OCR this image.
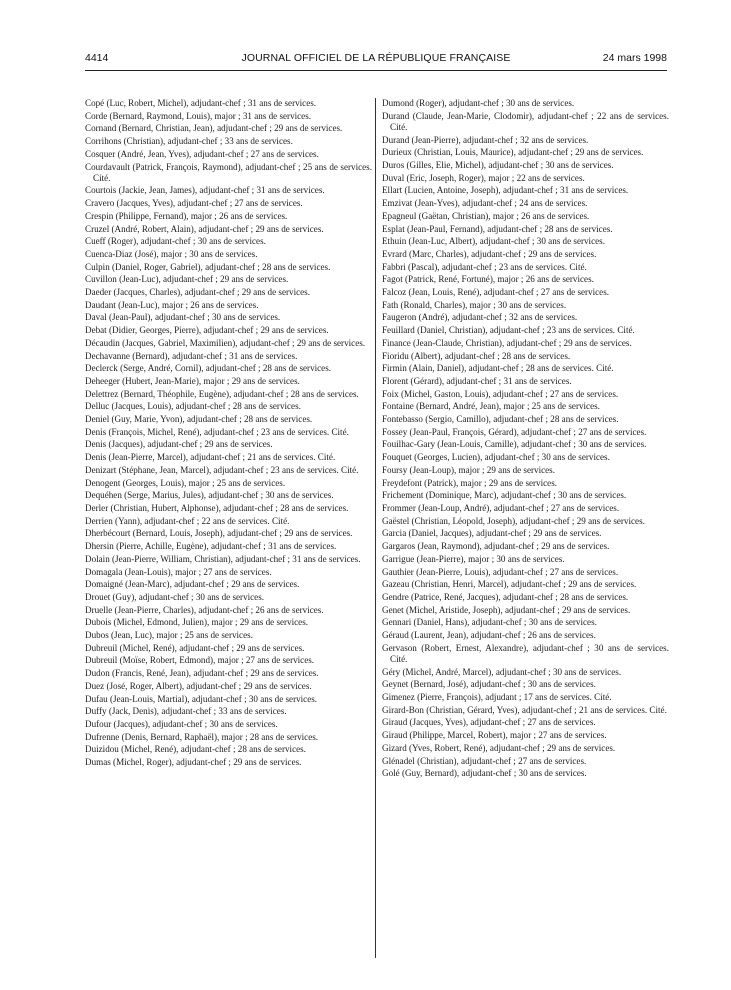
4414	JOURNAL OFFICIEL DE LA RÉPUBLIQUE FRANÇAISE	24 mars 1998

Copé (Luc, Robert, Michel), adjudant-chef ; 31 ans de services.

Corde (Bernard, Raymond, Louis), major ; 31 ans de services.

Cornand (Bernard, Christian, Jean), adjudant-chef ; 29 ans de services.

Corrihons (Christian), adjudant-chef ; 33 ans de services.

Cosquer (André, Jean, Yves), adjudant-chef ; 27 ans de services.

Courdavault (Patrick, François, Raymond), adjudant-chef ; 25 ans de services. Cité.

Courtois (Jackie, Jean, James), adjudant-chef ; 31 ans de services.

Cravero (Jacques, Yves), adjudant-chef ; 27 ans de services.

Crespin (Philippe, Fernand), major ; 26 ans de services.

Cruzel (André, Robert, Alain), adjudant-chef ; 29 ans de services.

Cueff (Roger), adjudant-chef ; 30 ans de services.

Cuenca-Diaz (José), major ; 30 ans de services.

Culpin (Daniel, Roger, Gabriel), adjudant-chef ; 28 ans de services.

Cuvillon (Jean-Luc), adjudant-chef ; 29 ans de services.

Daeder (Jacques, Charles), adjudant-chef ; 29 ans de services.

Daudant (Jean-Luc), major ; 26 ans de services.

Daval (Jean-Paul), adjudant-chef ; 30 ans de services.

Debat (Didier, Georges, Pierre), adjudant-chef ; 29 ans de services.

Décaudin (Jacques, Gabriel, Maximilien), adjudant-chef ; 29 ans de services.

Dechavanne (Bernard), adjudant-chef ; 31 ans de services.

Declerck (Serge, André, Cornil), adjudant-chef ; 28 ans de services.

Deheeger (Hubert, Jean-Marie), major ; 29 ans de services.

Delettrez (Bernard, Théophile, Eugène), adjudant-chef ; 28 ans de services.

Delluc (Jacques, Louis), adjudant-chef ; 28 ans de services.

Deniel (Guy, Marie, Yvon), adjudant-chef ; 28 ans de services.

Denis (François, Michel, René), adjudant-chef ; 23 ans de services. Cité.

Denis (Jacques), adjudant-chef ; 29 ans de services.

Denis (Jean-Pierre, Marcel), adjudant-chef ; 21 ans de services. Cité.

Denizart (Stéphane, Jean, Marcel), adjudant-chef ; 23 ans de services. Cité.

Denogent (Georges, Louis), major ; 25 ans de services.

Dequéhen (Serge, Marius, Jules), adjudant-chef ; 30 ans de services.

Derler (Christian, Hubert, Alphonse), adjudant-chef ; 28 ans de services.

Derrien (Yann), adjudant-chef ; 22 ans de services. Cité.

Dherbécourt (Bernard, Louis, Joseph), adjudant-chef ; 29 ans de services.

Dhersin (Pierre, Achille, Eugène), adjudant-chef ; 31 ans de services.

Dolain (Jean-Pierre, William, Christian), adjudant-chef ; 31 ans de services.

Domagala (Jean-Louis), major ; 27 ans de services.

Domaigné (Jean-Marc), adjudant-chef ; 29 ans de services.

Drouet (Guy), adjudant-chef ; 30 ans de services.

Druelle (Jean-Pierre, Charles), adjudant-chef ; 26 ans de services.

Dubois (Michel, Edmond, Julien), major ; 29 ans de services.

Dubos (Jean, Luc), major ; 25 ans de services.

Dubreuil (Michel, René), adjudant-chef ; 29 ans de services.

Dubreuil (Moïse, Robert, Edmond), major ; 27 ans de services.

Dudon (Francis, René, Jean), adjudant-chef ; 29 ans de services.

Duez (José, Roger, Albert), adjudant-chef ; 29 ans de services.

Dufau (Jean-Louis, Martial), adjudant-chef ; 30 ans de services.

Duffy (Jack, Denis), adjudant-chef ; 33 ans de services.

Dufour (Jacques), adjudant-chef ; 30 ans de services.

Dufrenne (Denis, Bernard, Raphaël), major ; 28 ans de services.

Duizidou (Michel, René), adjudant-chef ; 28 ans de services.

Dumas (Michel, Roger), adjudant-chef ; 29 ans de services.

Dumond (Roger), adjudant-chef ; 30 ans de services.

Durand (Claude, Jean-Marie, Clodomir), adjudant-chef ; 22 ans de services. Cité.

Durand (Jean-Pierre), adjudant-chef ; 32 ans de services.

Durieux (Christian, Louis, Maurice), adjudant-chef ; 29 ans de services.

Duros (Gilles, Elie, Michel), adjudant-chef ; 30 ans de services.

Duval (Eric, Joseph, Roger), major ; 22 ans de services.

Ellart (Lucien, Antoine, Joseph), adjudant-chef ; 31 ans de services.

Emzivat (Jean-Yves), adjudant-chef ; 24 ans de services.

Epagneul (Gaëtan, Christian), major ; 26 ans de services.

Esplat (Jean-Paul, Fernand), adjudant-chef ; 28 ans de services.

Ethuin (Jean-Luc, Albert), adjudant-chef ; 30 ans de services.

Evrard (Marc, Charles), adjudant-chef ; 29 ans de services.

Fabbri (Pascal), adjudant-chef ; 23 ans de services. Cité.

Fagot (Patrick, René, Fortuné), major ; 26 ans de services.

Falcoz (Jean, Louis, René), adjudant-chef ; 27 ans de services.

Fath (Ronald, Charles), major ; 30 ans de services.

Faugeron (André), adjudant-chef ; 32 ans de services.

Feuillard (Daniel, Christian), adjudant-chef ; 23 ans de services. Cité.

Finance (Jean-Claude, Christian), adjudant-chef ; 29 ans de services.

Fioridu (Albert), adjudant-chef ; 28 ans de services.

Firmin (Alain, Daniel), adjudant-chef ; 28 ans de services. Cité.

Florent (Gérard), adjudant-chef ; 31 ans de services.

Foix (Michel, Gaston, Louis), adjudant-chef ; 27 ans de services.

Fontaine (Bernard, André, Jean), major ; 25 ans de services.

Fontebasso (Sergio, Camillo), adjudant-chef ; 28 ans de services.

Fossey (Jean-Paul, François, Gérard), adjudant-chef ; 27 ans de services.

Fouilhac-Gary (Jean-Louis, Camille), adjudant-chef ; 30 ans de services.

Fouquet (Georges, Lucien), adjudant-chef ; 30 ans de services.

Foursy (Jean-Loup), major ; 29 ans de services.

Freydefont (Patrick), major ; 29 ans de services.

Frichement (Dominique, Marc), adjudant-chef ; 30 ans de services.

Frommer (Jean-Loup, André), adjudant-chef ; 27 ans de services.

Gaëstel (Christian, Léopold, Joseph), adjudant-chef ; 29 ans de services.

Garcia (Daniel, Jacques), adjudant-chef ; 29 ans de services.

Gargaros (Jean, Raymond), adjudant-chef ; 29 ans de services.

Garrigue (Jean-Pierre), major ; 30 ans de services.

Gauthier (Jean-Pierre, Louis), adjudant-chef ; 27 ans de services.

Gazeau (Christian, Henri, Marcel), adjudant-chef ; 29 ans de services.

Gendre (Patrice, René, Jacques), adjudant-chef ; 28 ans de services.

Genet (Michel, Aristide, Joseph), adjudant-chef ; 29 ans de services.

Gennari (Daniel, Hans), adjudant-chef ; 30 ans de services.

Géraud (Laurent, Jean), adjudant-chef ; 26 ans de services.

Gervason (Robert, Ernest, Alexandre), adjudant-chef ; 30 ans de services. Cité.

Géry (Michel, André, Marcel), adjudant-chef ; 30 ans de services.

Geynet (Bernard, José), adjudant-chef ; 30 ans de services.

Gimenez (Pierre, François), adjudant ; 17 ans de services. Cité.

Girard-Bon (Christian, Gérard, Yves), adjudant-chef ; 21 ans de services. Cité.

Giraud (Jacques, Yves), adjudant-chef ; 27 ans de services.

Giraud (Philippe, Marcel, Robert), major ; 27 ans de services.

Gizard (Yves, Robert, René), adjudant-chef ; 29 ans de services.

Glénadel (Christian), adjudant-chef ; 27 ans de services.

Golé (Guy, Bernard), adjudant-chef ; 30 ans de services.
